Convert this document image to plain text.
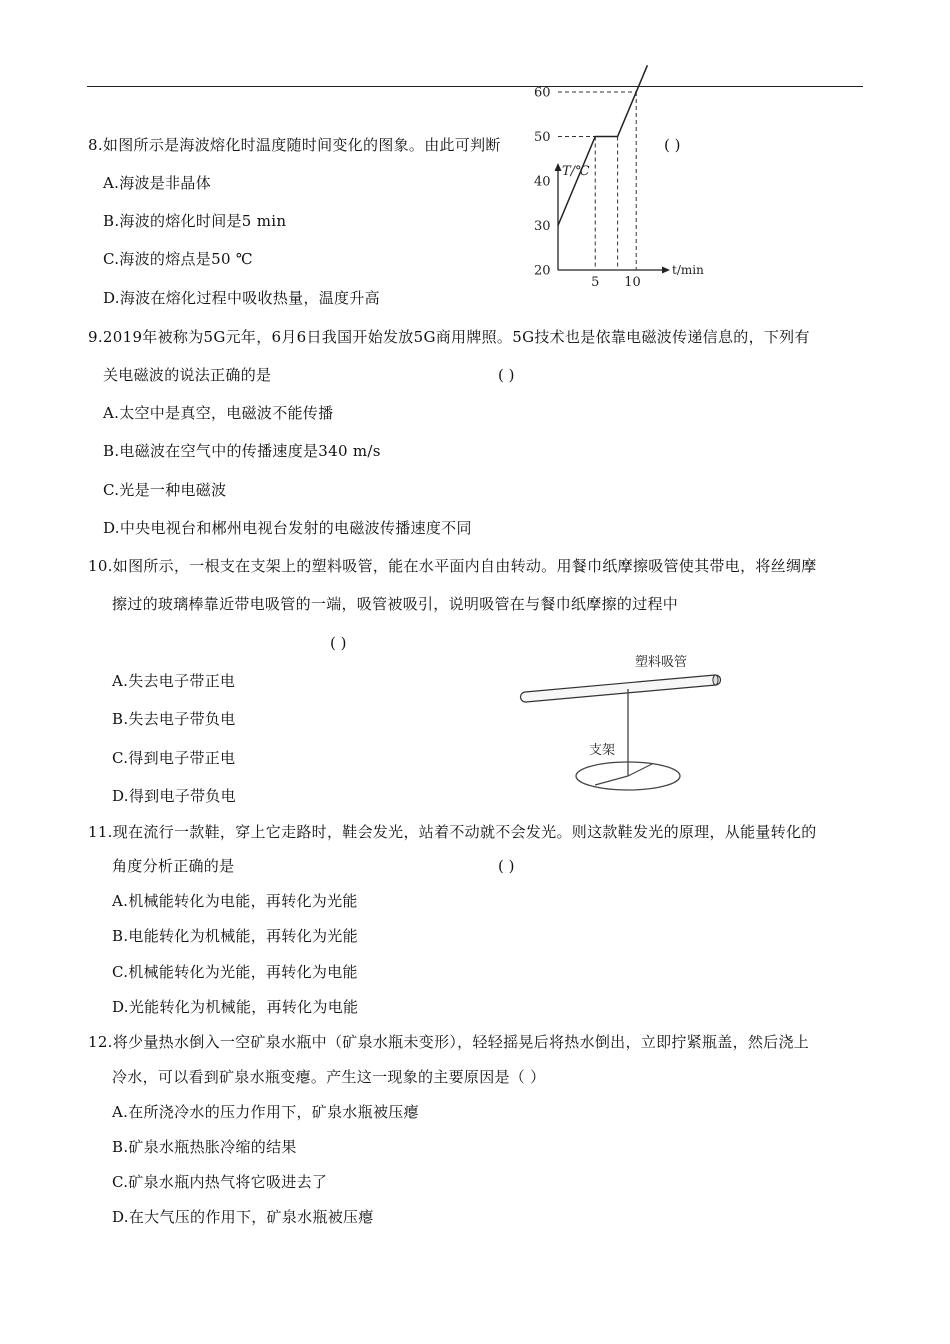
8.如图所示是海波熔化时温度随时间变化的图象。由此可判断	( )
A.海波是非晶体
B.海波的熔化时间是5 min
C.海波的熔点是50 ℃
D.海波在熔化过程中吸收热量，温度升高
T/℃
t/min
20
30
40
50
60
5 10
9.2019年被称为5G元年，6月6日我国开始发放5G商用牌照。5G技术也是依靠电磁波传递信息的，下列有
关电磁波的说法正确的是	( )
A.太空中是真空，电磁波不能传播
B.电磁波在空气中的传播速度是340 m/s
C.光是一种电磁波
D.中央电视台和郴州电视台发射的电磁波传播速度不同
10.如图所示，一根支在支架上的塑料吸管，能在水平面内自由转动。用餐巾纸摩擦吸管使其带电，将丝绸摩
擦过的玻璃棒靠近带电吸管的一端，吸管被吸引，说明吸管在与餐巾纸摩擦的过程中
( )
A.失去电子带正电
B.失去电子带负电
C.得到电子带正电
D.得到电子带负电
塑料吸管
支架
11.现在流行一款鞋，穿上它走路时，鞋会发光，站着不动就不会发光。则这款鞋发光的原理，从能量转化的
角度分析正确的是	( )
A.机械能转化为电能，再转化为光能
B.电能转化为机械能，再转化为光能
C.机械能转化为光能，再转化为电能
D.光能转化为机械能，再转化为电能
12.将少量热水倒入一空矿泉水瓶中（矿泉水瓶未变形），轻轻摇晃后将热水倒出，立即拧紧瓶盖，然后浇上
冷水，可以看到矿泉水瓶变瘪。产生这一现象的主要原因是（ ）
A.在所浇冷水的压力作用下，矿泉水瓶被压瘪
B.矿泉水瓶热胀冷缩的结果
C.矿泉水瓶内热气将它吸进去了
D.在大气压的作用下，矿泉水瓶被压瘪
